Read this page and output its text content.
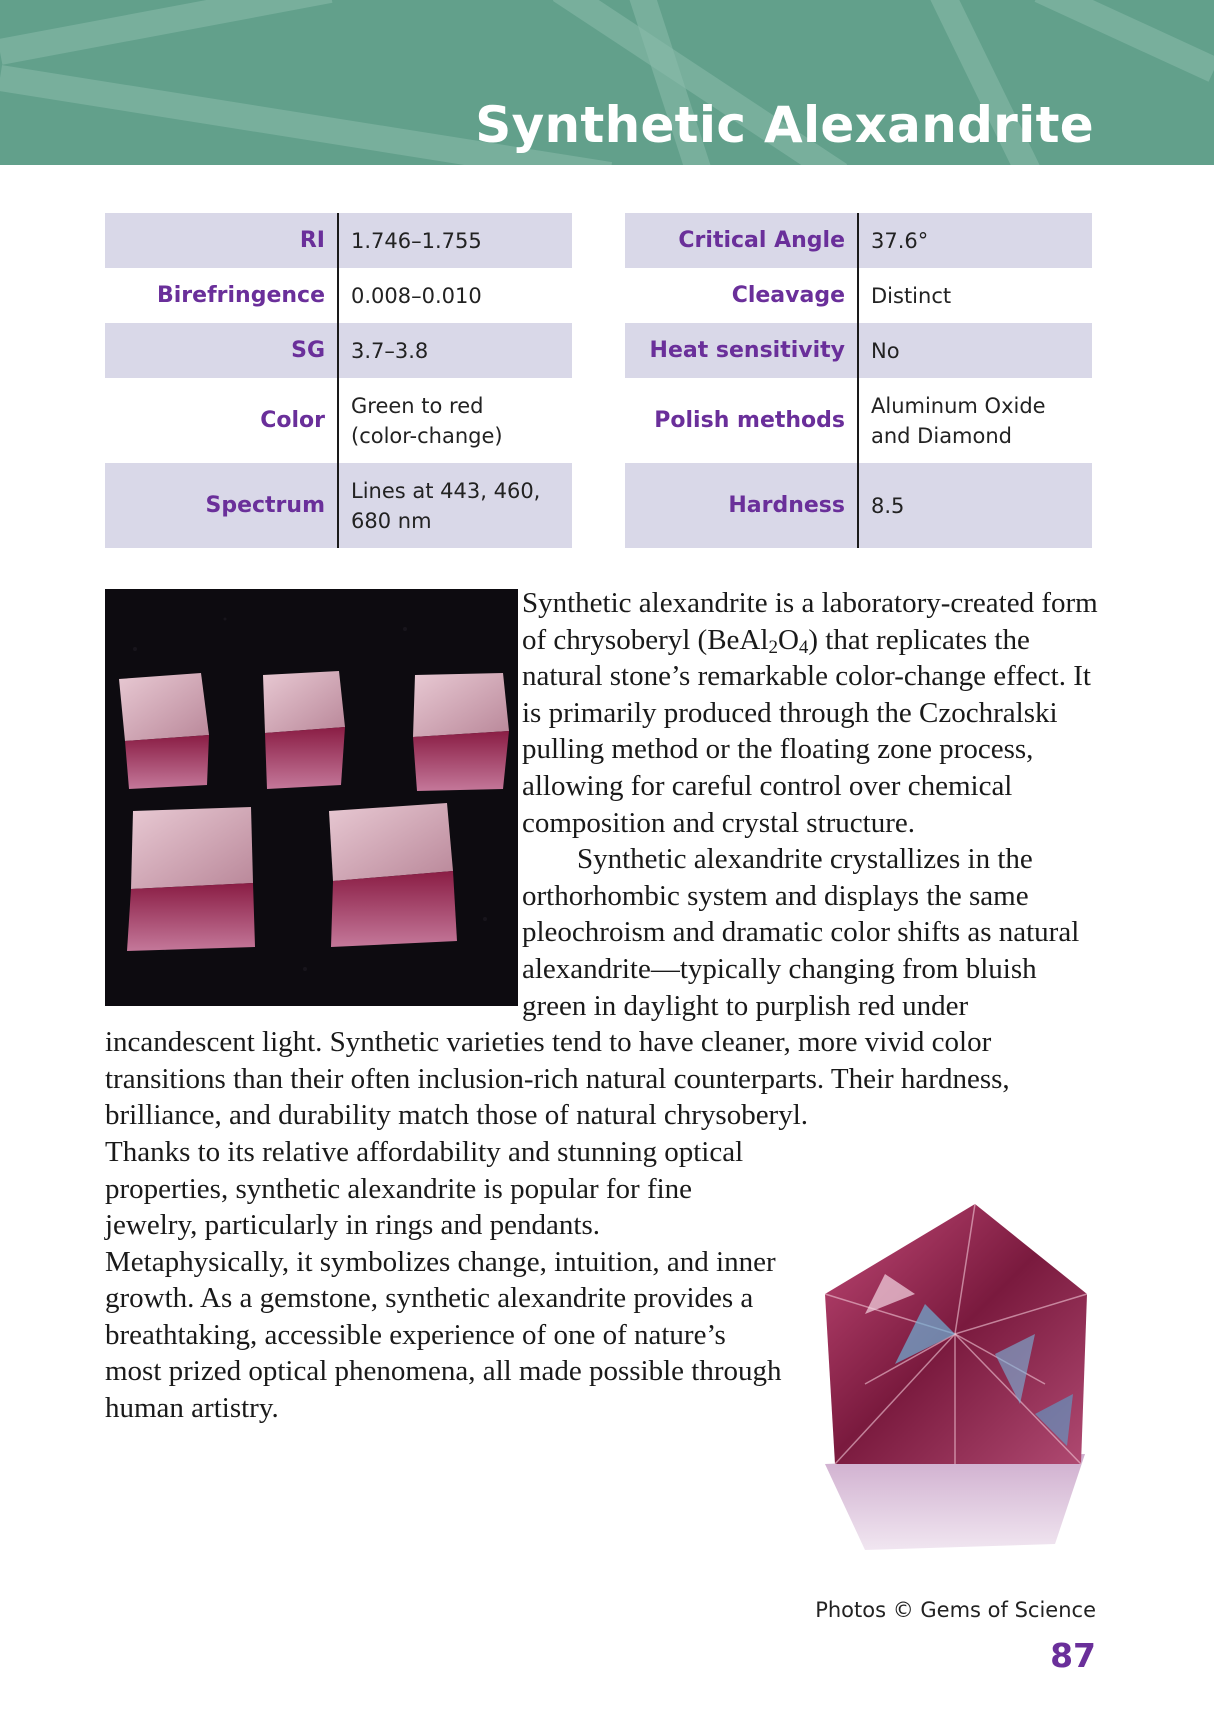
Synthetic Alexandrite
RI	1.746–1.755
Birefringence	0.008–0.010
SG	3.7–3.8
Color	Green to red
(color-change)

Spectrum	Lines at 443, 460,
680 nm
Critical Angle	37.6°
Cleavage	Distinct
Heat sensitivity	No
Polish methods	Aluminum Oxide
and Diamond

Hardness	8.5

Synthetic alexandrite is a laboratory-created form of chrysoberyl $(BeAl_2O_4)$ that replicates the natural stone’s remarkable color-change effect. It is primarily produced through the Czochralski pulling method or the floating zone process, allowing for careful control over chemical composition and crystal structure.

Synthetic alexandrite crystallizes in the orthorhombic system and displays the same pleochroism and dramatic color shifts as natural alexandrite—typically changing from bluish green in daylight to purplish red under incandescent light. Synthetic varieties tend to have cleaner, more vivid color transitions than their often inclusion-rich natural counterparts. Their hardness, brilliance, and durability match those of natural chrysoberyl.

Thanks to its relative affordability and stunning optical properties, synthetic alexandrite is popular for fine jewelry, particularly in rings and pendants. Metaphysically, it symbolizes change, intuition, and inner growth. As a gemstone, synthetic alexandrite provides a breathtaking, accessible experience of one of nature’s most prized optical phenomena, all made possible through human artistry.

Photos © Gems of Science
87
